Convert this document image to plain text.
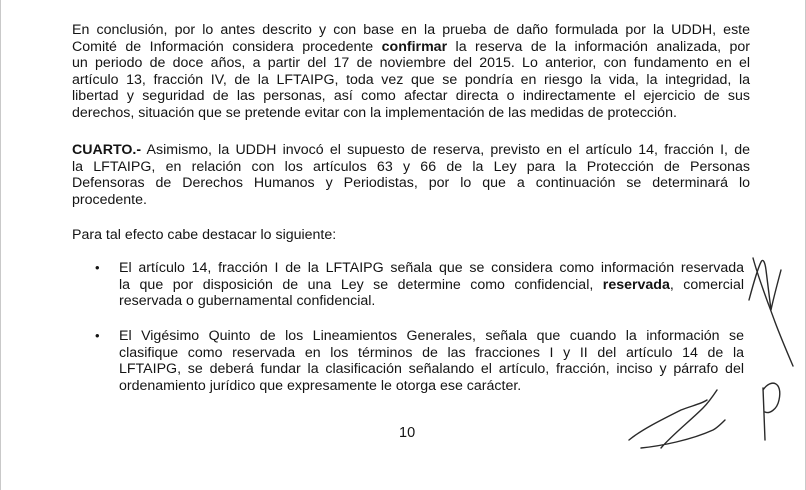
En conclusión, por lo antes descrito y con base en la prueba de daño formulada por la UDDH, este
Comité de Información considera procedente confirmar la reserva de la información analizada, por
un periodo de doce años, a partir del 17 de noviembre del 2015. Lo anterior, con fundamento en el
artículo 13, fracción IV, de la LFTAIPG, toda vez que se pondría en riesgo la vida, la integridad, la
libertad y seguridad de las personas, así como afectar directa o indirectamente el ejercicio de sus
derechos, situación que se pretende evitar con la implementación de las medidas de protección.
CUARTO.- Asimismo, la UDDH invocó el supuesto de reserva, previsto en el artículo 14, fracción I, de
la LFTAIPG, en relación con los artículos 63 y 66 de la Ley para la Protección de Personas
Defensoras de Derechos Humanos y Periodistas, por lo que a continuación se determinará lo
procedente.
Para tal efecto cabe destacar lo siguiente:
• El artículo 14, fracción I de la LFTAIPG señala que se considera como información reservada
la que por disposición de una Ley se determine como confidencial, reservada, comercial
reservada o gubernamental confidencial.
• El Vigésimo Quinto de los Lineamientos Generales, señala que cuando la información se
clasifique como reservada en los términos de las fracciones I y II del artículo 14 de la
LFTAIPG, se deberá fundar la clasificación señalando el artículo, fracción, inciso y párrafo del
ordenamiento jurídico que expresamente le otorga ese carácter.
10
